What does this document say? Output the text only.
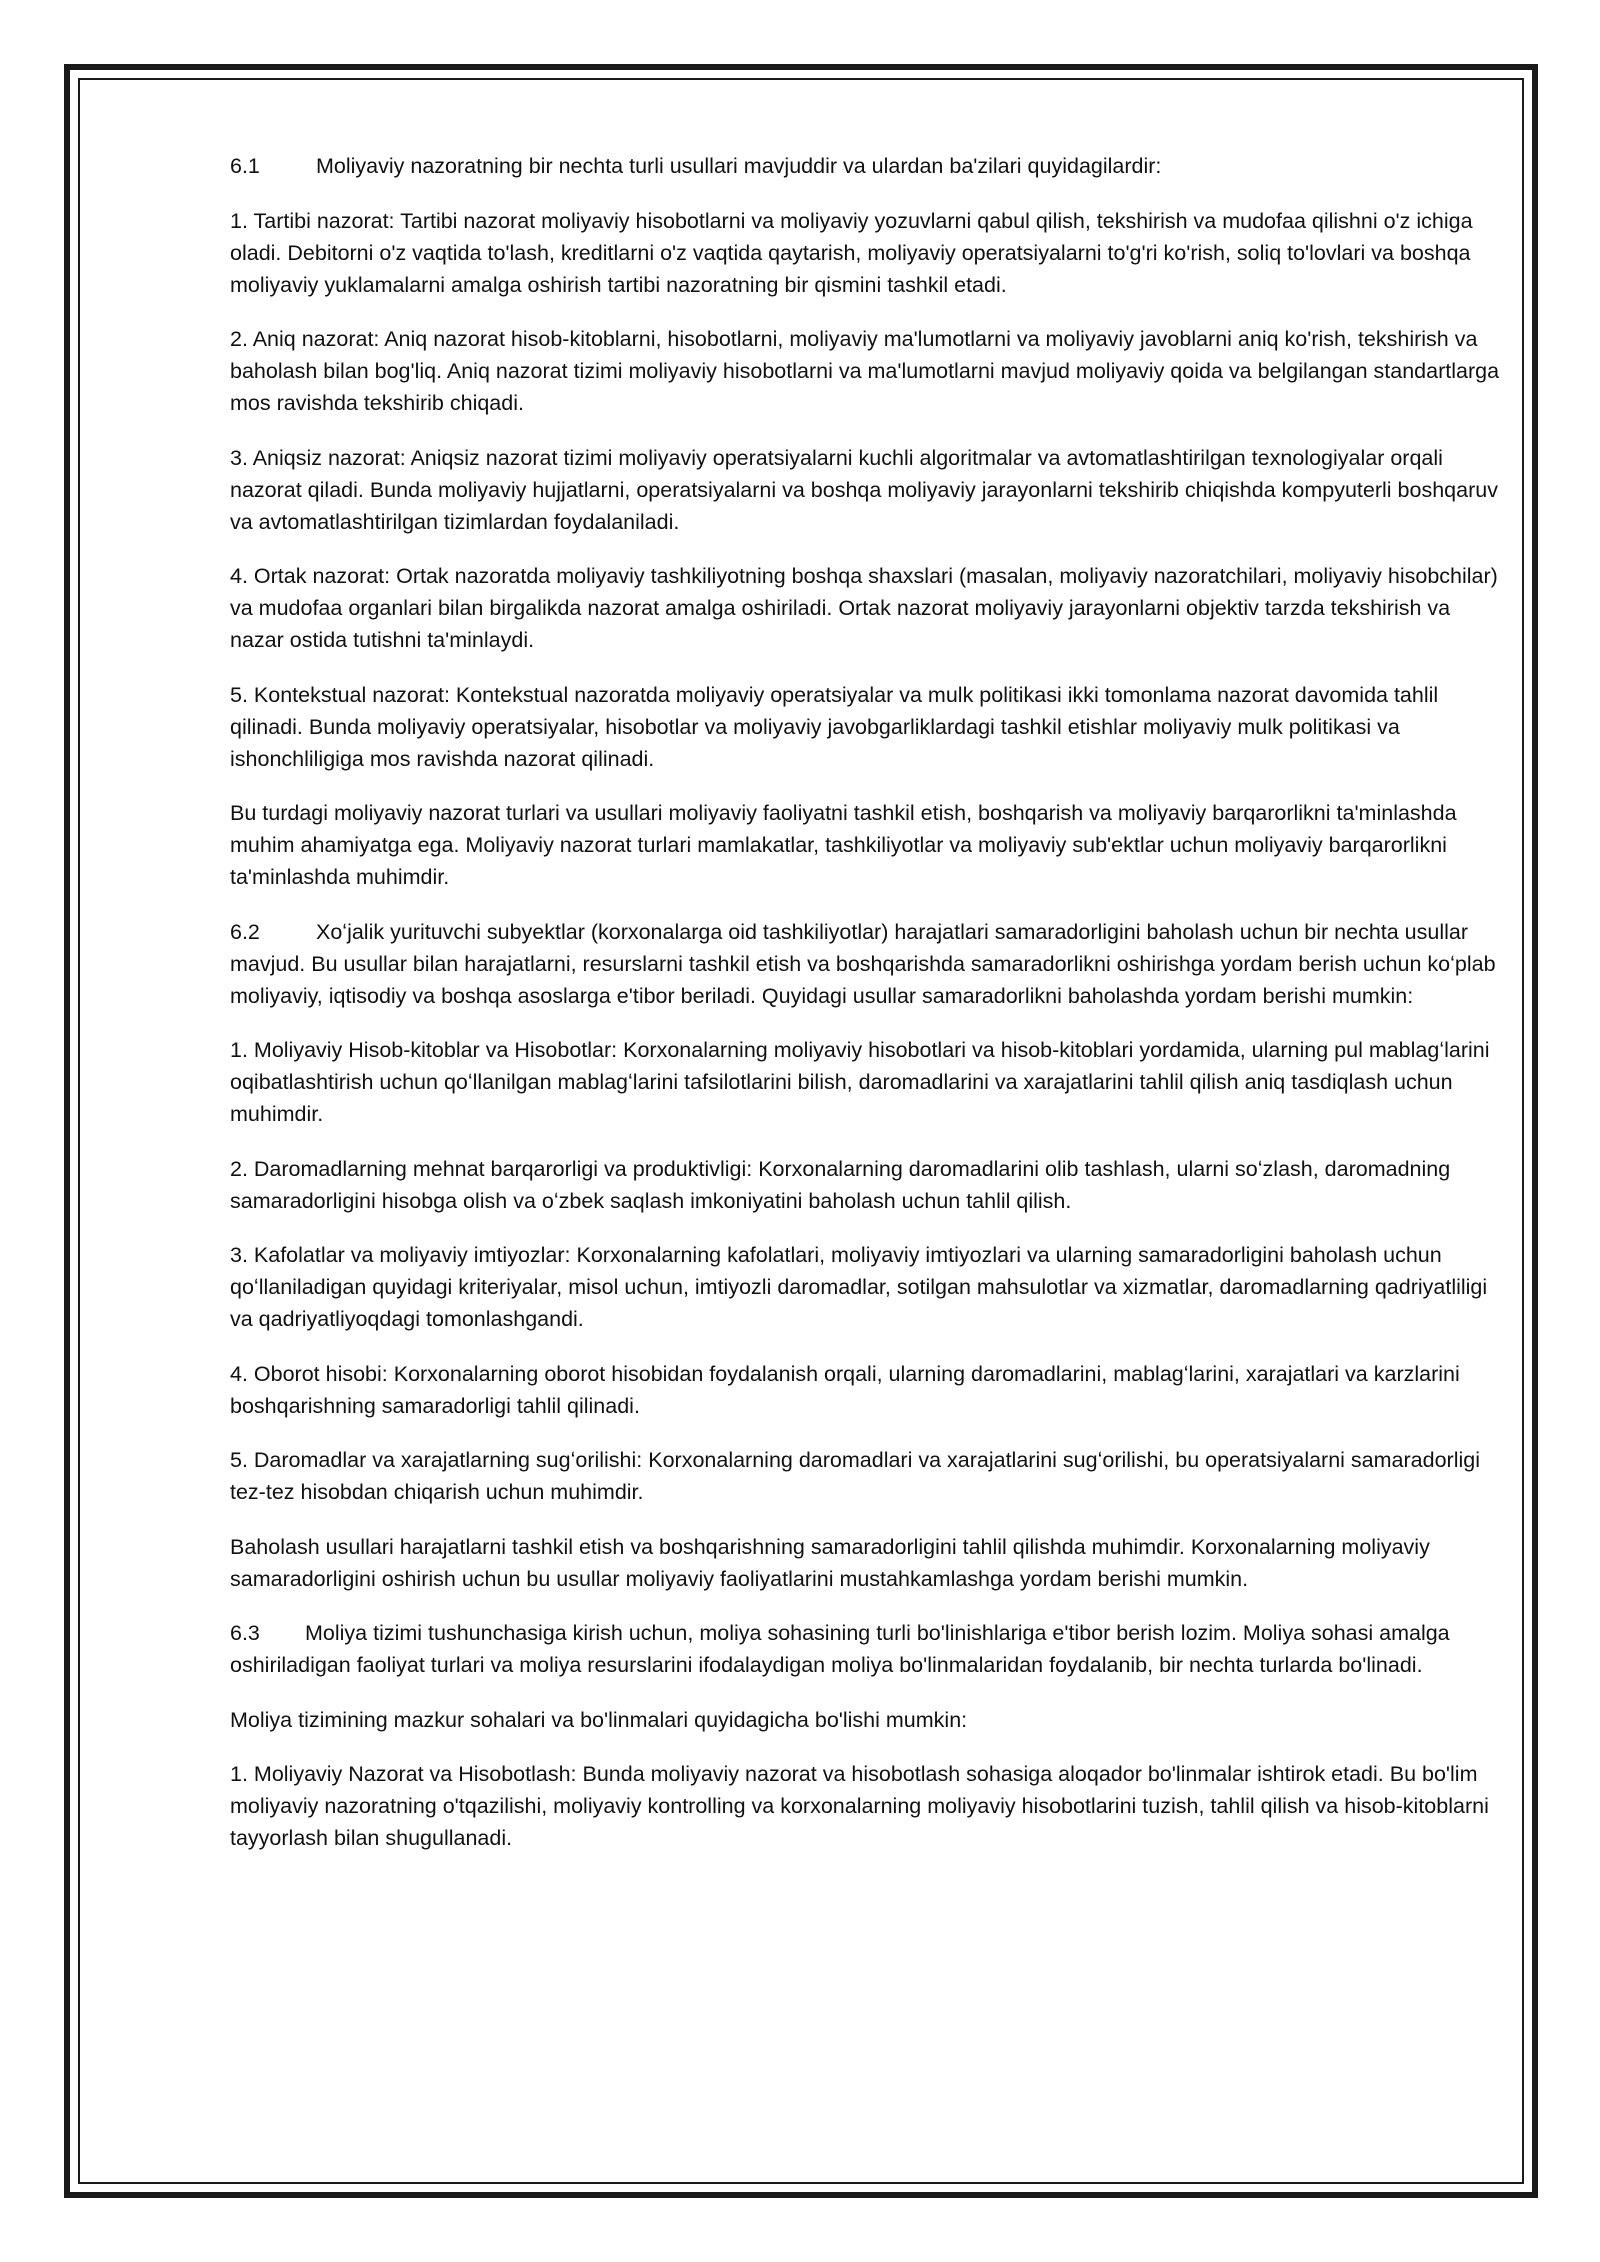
6.1	Moliyaviy nazoratning bir nechta turli usullari mavjuddir va ulardan ba'zilari quyidagilardir:

1. Tartibi nazorat: Tartibi nazorat moliyaviy hisobotlarni va moliyaviy yozuvlarni qabul qilish, tekshirish va mudofaa qilishni o'z ichiga oladi. Debitorni o'z vaqtida to'lash, kreditlarni o'z vaqtida qaytarish, moliyaviy operatsiyalarni to'g'ri ko'rish, soliq to'lovlari va boshqa moliyaviy yuklamalarni amalga oshirish tartibi nazoratning bir qismini tashkil etadi.

2. Aniq nazorat: Aniq nazorat hisob-kitoblarni, hisobotlarni, moliyaviy ma'lumotlarni va moliyaviy javoblarni aniq ko'rish, tekshirish va baholash bilan bog'liq. Aniq nazorat tizimi moliyaviy hisobotlarni va ma'lumotlarni mavjud moliyaviy qoida va belgilangan standartlarga mos ravishda tekshirib chiqadi.

3. Aniqsiz nazorat: Aniqsiz nazorat tizimi moliyaviy operatsiyalarni kuchli algoritmalar va avtomatlashtirilgan texnologiyalar orqali nazorat qiladi. Bunda moliyaviy hujjatlarni, operatsiyalarni va boshqa moliyaviy jarayonlarni tekshirib chiqishda kompyuterli boshqaruv va avtomatlashtirilgan tizimlardan foydalaniladi.

4. Ortak nazorat: Ortak nazoratda moliyaviy tashkiliyotning boshqa shaxslari (masalan, moliyaviy nazoratchilari, moliyaviy hisobchilar) va mudofaa organlari bilan birgalikda nazorat amalga oshiriladi. Ortak nazorat moliyaviy jarayonlarni objektiv tarzda tekshirish va nazar ostida tutishni ta'minlaydi.

5. Kontekstual nazorat: Kontekstual nazoratda moliyaviy operatsiyalar va mulk politikasi ikki tomonlama nazorat davomida tahlil qilinadi. Bunda moliyaviy operatsiyalar, hisobotlar va moliyaviy javobgarliklardagi tashkil etishlar moliyaviy mulk politikasi va ishonchliligiga mos ravishda nazorat qilinadi.

Bu turdagi moliyaviy nazorat turlari va usullari moliyaviy faoliyatni tashkil etish, boshqarish va moliyaviy barqarorlikni ta'minlashda muhim ahamiyatga ega. Moliyaviy nazorat turlari mamlakatlar, tashkiliyotlar va moliyaviy sub'ektlar uchun moliyaviy barqarorlikni ta'minlashda muhimdir.

6.2	Xoʻjalik yurituvchi subyektlar (korxonalarga oid tashkiliyotlar) harajatlari samaradorligini baholash uchun bir nechta usullar mavjud. Bu usullar bilan harajatlarni, resurslarni tashkil etish va boshqarishda samaradorlikni oshirishga yordam berish uchun koʻplab moliyaviy, iqtisodiy va boshqa asoslarga e'tibor beriladi. Quyidagi usullar samaradorlikni baholashda yordam berishi mumkin:

1. Moliyaviy Hisob-kitoblar va Hisobotlar: Korxonalarning moliyaviy hisobotlari va hisob-kitoblari yordamida, ularning pul mablagʻlarini oqibatlashtirish uchun qoʻllanilgan mablagʻlarini tafsilotlarini bilish, daromadlarini va xarajatlarini tahlil qilish aniq tasdiqlash uchun muhimdir.

2. Daromadlarning mehnat barqarorligi va produktivligi: Korxonalarning daromadlarini olib tashlash, ularni soʻzlash, daromadning samaradorligini hisobga olish va oʻzbek saqlash imkoniyatini baholash uchun tahlil qilish.

3. Kafolatlar va moliyaviy imtiyozlar: Korxonalarning kafolatlari, moliyaviy imtiyozlari va ularning samaradorligini baholash uchun qoʻllaniladigan quyidagi kriteriyalar, misol uchun, imtiyozli daromadlar, sotilgan mahsulotlar va xizmatlar, daromadlarning qadriyatliligi va qadriyatliyoqdagi tomonlashgandi.

4. Oborot hisobi: Korxonalarning oborot hisobidan foydalanish orqali, ularning daromadlarini, mablagʻlarini, xarajatlari va karzlarini boshqarishning samaradorligi tahlil qilinadi.

5. Daromadlar va xarajatlarning sugʻorilishi: Korxonalarning daromadlari va xarajatlarini sugʻorilishi, bu operatsiyalarni samaradorligi tez-tez hisobdan chiqarish uchun muhimdir.

Baholash usullari harajatlarni tashkil etish va boshqarishning samaradorligini tahlil qilishda muhimdir. Korxonalarning moliyaviy samaradorligini oshirish uchun bu usullar moliyaviy faoliyatlarini mustahkamlashga yordam berishi mumkin.

6.3 Moliya tizimi tushunchasiga kirish uchun, moliya sohasining turli bo'linishlariga e'tibor berish lozim. Moliya sohasi amalga oshiriladigan faoliyat turlari va moliya resurslarini ifodalaydigan moliya bo'linmalaridan foydalanib, bir nechta turlarda bo'linadi.

Moliya tizimining mazkur sohalari va bo'linmalari quyidagicha bo'lishi mumkin:

1. Moliyaviy Nazorat va Hisobotlash: Bunda moliyaviy nazorat va hisobotlash sohasiga aloqador bo'linmalar ishtirok etadi. Bu bo'lim moliyaviy nazoratning o'tqazilishi, moliyaviy kontrolling va korxonalarning moliyaviy hisobotlarini tuzish, tahlil qilish va hisob-kitoblarni tayyorlash bilan shugullanadi.
